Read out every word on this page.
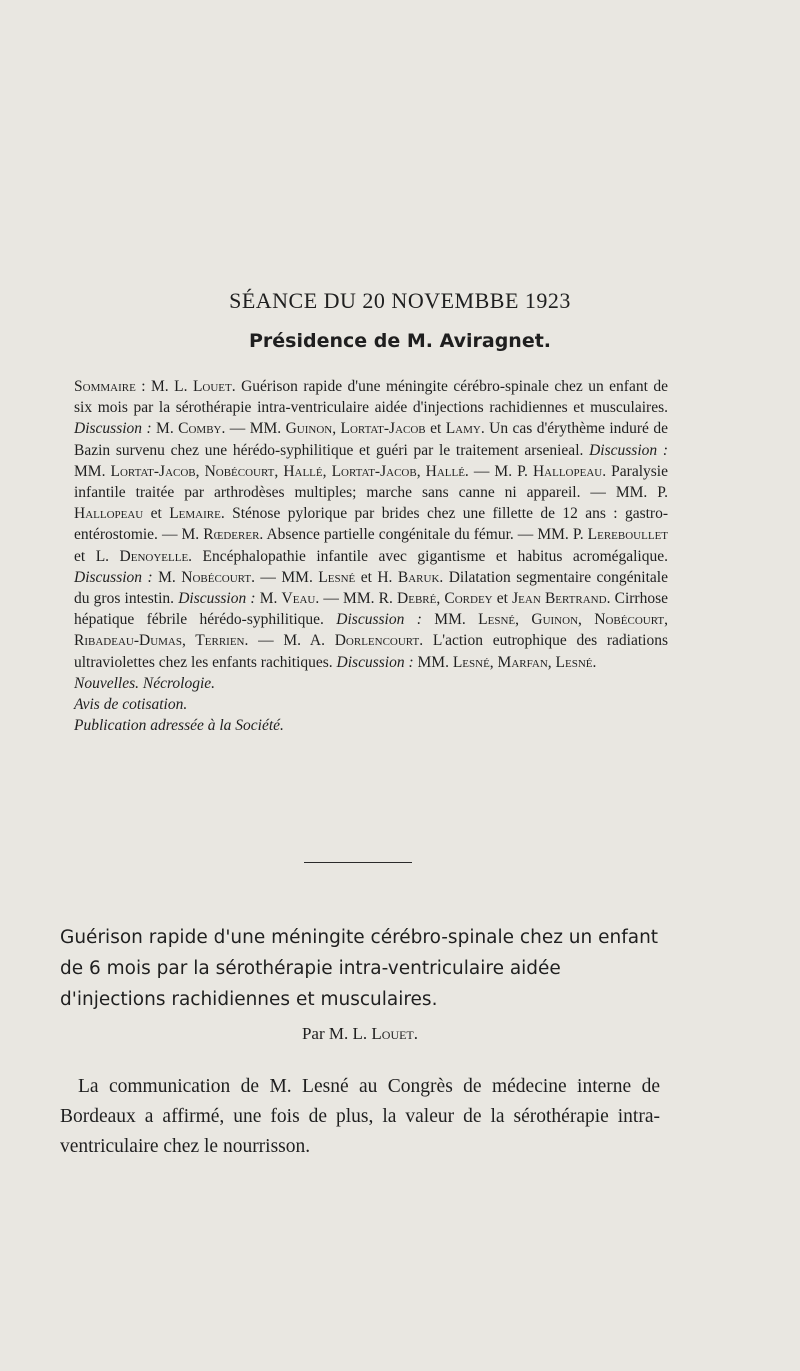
SÉANCE DU 20 NOVEMBBE 1923
Présidence de M. Aviragnet.
Sommaire : M. L. Louet. Guérison rapide d'une méningite cérébro-spinale chez un enfant de six mois par la sérothérapie intra-ventriculaire aidée d'injections rachidiennes et musculaires. Discussion : M. Comby. — MM. Guinon, Lortat-Jacob et Lamy. Un cas d'érythème induré de Bazin survenu chez une hérédo-syphilitique et guéri par le traitement arsenieal. Discussion : MM. Lortat-Jacob, Nobécourt, Hallé, Lortat-Jacob, Hallé. — M. P. Hallopeau. Paralysie infantile traitée par arthrodèses multiples; marche sans canne ni appareil. — MM. P. Hallopeau et Lemaire. Sténose pylorique par brides chez une fillette de 12 ans : gastro-entérostomie. — M. Rœderer. Absence partielle congénitale du fémur. — MM. P. Lereboullet et L. Denoyelle. Encéphalopathie infantile avec gigantisme et habitus acromégalique. Discussion : M. Nobécourt. — MM. Lesné et H. Baruk. Dilatation segmentaire congénitale du gros intestin. Discussion : M. Veau. — MM. R. Debré, Cordey et Jean Bertrand. Cirrhose hépatique fébrile hérédo-syphilitique. Discussion : MM. Lesné, Guinon, Nobécourt, Ribadeau-Dumas, Terrien. — M. A. Dorlencourt. L'action eutrophique des radiations ultraviolettes chez les enfants rachitiques. Discussion : MM. Lesné, Marfan, Lesné.
Nouvelles. Nécrologie.
Avis de cotisation.
Publication adressée à la Société.
Guérison rapide d'une méningite cérébro-spinale chez un enfant de 6 mois par la sérothérapie intra-ventriculaire aidée d'injections rachidiennes et musculaires.
Par M. L. Louet.
La communication de M. Lesné au Congrès de médecine interne de Bordeaux a affirmé, une fois de plus, la valeur de la sérothérapie intra-ventriculaire chez le nourrisson.
